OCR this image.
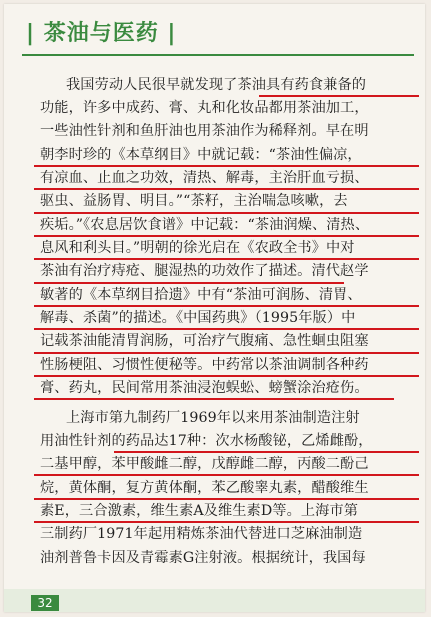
| 茶油与医药 |
我国劳动人民很早就发现了茶油具有药食兼备的
功能，许多中成药、膏、丸和化妆品都用茶油加工，
一些油性针剂和鱼肝油也用茶油作为稀释剂。早在明
朝李时珍的《本草纲目》中就记载：“茶油性偏凉，
有凉血、止血之功效，清热、解毒，主治肝血亏损、
驱虫、益肠胃、明目。”“茶籽，主治喘急咳嗽，去
疾垢。”《农息居饮食谱》中记载：“茶油润燥、清热、
息风和利头目。”明朝的徐光启在《农政全书》中对
茶油有治疗痔疮、腿湿热的功效作了描述。清代赵学
敏著的《本草纲目拾遗》中有“茶油可润肠、清胃、
解毒、杀菌”的描述。《中国药典》（1995年版）中
记载茶油能清胃润肠，可治疗气腹痛、急性蛔虫阻塞
性肠梗阻、习惯性便秘等。中药常以茶油调制各种药
膏、药丸，民间常用茶油浸泡蜈蚣、螃蟹涂治疮伤。
上海市第九制药厂1969年以来用茶油制造注射
用油性针剂的药品达17种：次水杨酸铋，乙烯雌酚，
二基甲醇，苯甲酸雌二醇，戊醇雌二醇，丙酸二酚己
烷，黄体酮，复方黄体酮，苯乙酸睾丸素，醋酸维生
素E，三合激素，维生素A及维生素D等。上海市第
三制药厂1971年起用精炼茶油代替进口芝麻油制造
油剂普鲁卡因及青霉素G注射液。根据统计，我国每
32
